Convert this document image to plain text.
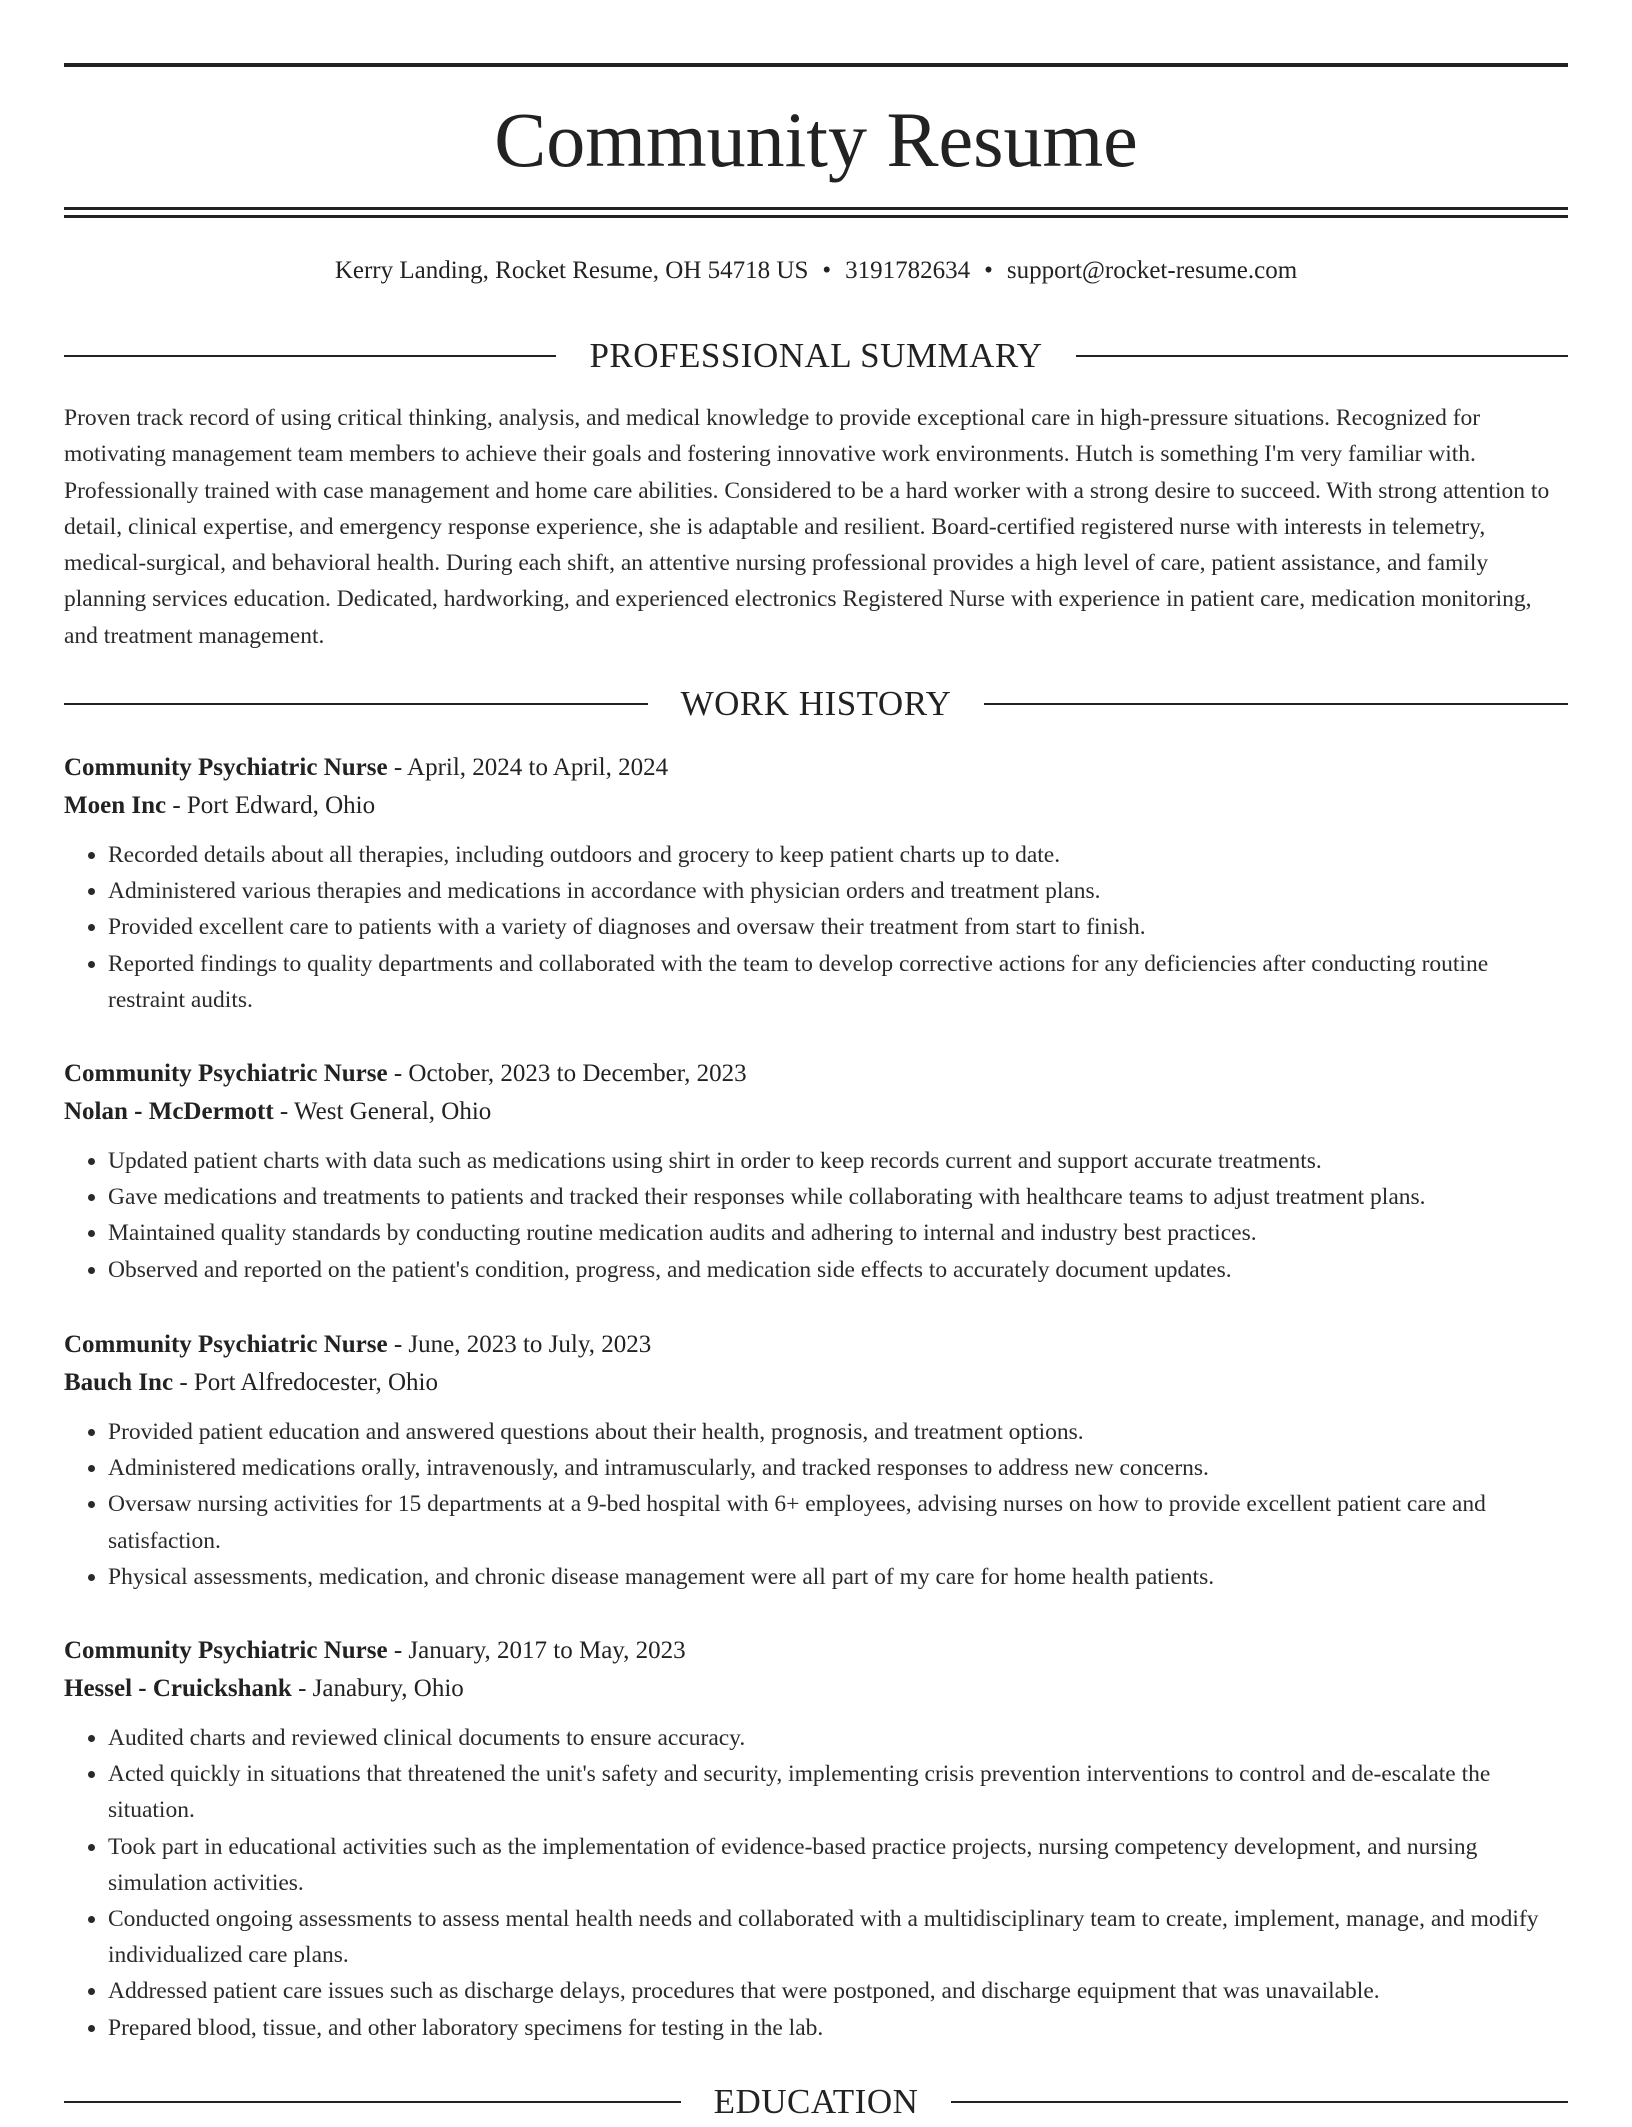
Community Resume
Kerry Landing, Rocket Resume, OH 54718 US • 3191782634 • support@rocket-resume.com
PROFESSIONAL SUMMARY

Proven track record of using critical thinking, analysis, and medical knowledge to provide exceptional care in high-pressure situations. Recognized for motivating management team members to achieve their goals and fostering innovative work environments. Hutch is something I'm very familiar with. Professionally trained with case management and home care abilities. Considered to be a hard worker with a strong desire to succeed. With strong attention to detail, clinical expertise, and emergency response experience, she is adaptable and resilient. Board-certified registered nurse with interests in telemetry, medical-surgical, and behavioral health. During each shift, an attentive nursing professional provides a high level of care, patient assistance, and family planning services education. Dedicated, hardworking, and experienced electronics Registered Nurse with experience in patient care, medication monitoring, and treatment management.

WORK HISTORY
Community Psychiatric Nurse - April, 2024 to April, 2024
Moen Inc - Port Edward, Ohio
• Recorded details about all therapies, including outdoors and grocery to keep patient charts up to date.
• Administered various therapies and medications in accordance with physician orders and treatment plans.
• Provided excellent care to patients with a variety of diagnoses and oversaw their treatment from start to finish.
• Reported findings to quality departments and collaborated with the team to develop corrective actions for any deficiencies after conducting routine restraint audits.
Community Psychiatric Nurse - October, 2023 to December, 2023
Nolan - McDermott - West General, Ohio
• Updated patient charts with data such as medications using shirt in order to keep records current and support accurate treatments.
• Gave medications and treatments to patients and tracked their responses while collaborating with healthcare teams to adjust treatment plans.
• Maintained quality standards by conducting routine medication audits and adhering to internal and industry best practices.
• Observed and reported on the patient's condition, progress, and medication side effects to accurately document updates.
Community Psychiatric Nurse - June, 2023 to July, 2023
Bauch Inc - Port Alfredocester, Ohio
• Provided patient education and answered questions about their health, prognosis, and treatment options.
• Administered medications orally, intravenously, and intramuscularly, and tracked responses to address new concerns.
• Oversaw nursing activities for 15 departments at a 9-bed hospital with 6+ employees, advising nurses on how to provide excellent patient care and satisfaction.
• Physical assessments, medication, and chronic disease management were all part of my care for home health patients.
Community Psychiatric Nurse - January, 2017 to May, 2023
Hessel - Cruickshank - Janabury, Ohio
• Audited charts and reviewed clinical documents to ensure accuracy.
• Acted quickly in situations that threatened the unit's safety and security, implementing crisis prevention interventions to control and de-escalate the situation.
• Took part in educational activities such as the implementation of evidence-based practice projects, nursing competency development, and nursing simulation activities.
• Conducted ongoing assessments to assess mental health needs and collaborated with a multidisciplinary team to create, implement, manage, and modify individualized care plans.
• Addressed patient care issues such as discharge delays, procedures that were postponed, and discharge equipment that was unavailable.
• Prepared blood, tissue, and other laboratory specimens for testing in the lab.
EDUCATION
